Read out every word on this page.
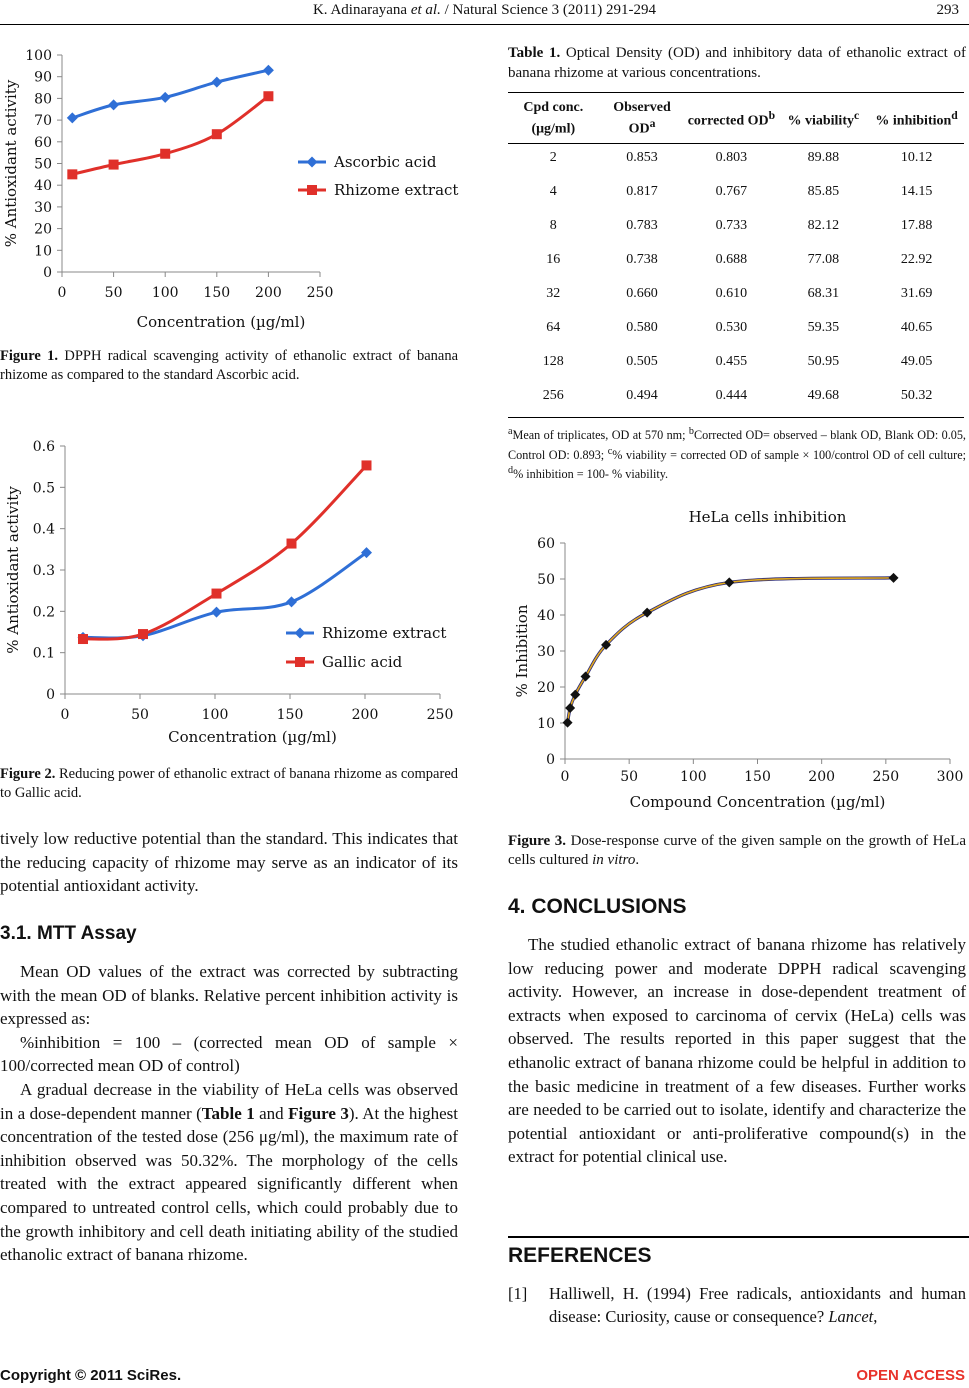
K. Adinarayana et al. / Natural Science 3 (2011) 291-294	293
0
10
20
30
40
50
60
70
80
90
100
0	50 100 150 200 250
Concentration (µg/ml)
% Antioxidant activity	Ascorbic acid
Rhizome extract
Figure 1. DPPH radical scavenging activity of ethanolic extract of banana rhizome as compared to the standard Ascorbic acid.
0
0.1
0.2
0.3
0.4
0.5
0.6
0	50	100	150	200	250
Concentration (µg/ml)
% Antioxidant activity	Rhizome extract
Gallic acid
Figure 2. Reducing power of ethanolic extract of banana rhizome as compared to Gallic acid.

tively low reductive potential than the standard. This indicates that the reducing capacity of rhizome may serve as an indicator of its potential antioxidant activity.

3.1. MTT Assay

Mean OD values of the extract was corrected by subtracting with the mean OD of blanks. Relative percent inhibition activity is expressed as:

%inhibition = 100 – (corrected mean OD of sample × 100/corrected mean OD of control)

A gradual decrease in the viability of HeLa cells was observed in a dose-dependent manner (Table 1 and Figure 3). At the highest concentration of the tested dose (256 μg/ml), the maximum rate of inhibition observed was 50.32%. The morphology of the cells treated with the extract appeared significantly different when compared to untreated control cells, which could probably due to the growth inhibitory and cell death initiating ability of the studied ethanolic extract of banana rhizome.

Table 1. Optical Density (OD) and inhibitory data of ethanolic extract of banana rhizome at various concentrations.
Cpd conc. (μg/ml)	Observed $OD^a$	corrected $OD^b$	% viability$^c$	% inhibition$^d$
2	0.853	0.803	89.88	10.12
4	0.817	0.767	85.85	14.15
8	0.783	0.733	82.12	17.88
16	0.738	0.688	77.08	22.92
32	0.660	0.610	68.31	31.69
64	0.580	0.530	59.35	40.65
128	0.505	0.455	50.95	49.05
256	0.494	0.444	49.68	50.32
$^a$Mean of triplicates, OD at 570 nm; $^b$Corrected OD= observed – blank OD, Blank OD: 0.05, Control OD: 0.893; $^c$% viability = corrected OD of sample × 100/control OD of cell culture; $^d$% inhibition = 100- % viability.
0
10
20
30
40
50
60
0	50	100	150	200	250	300
Compound Concentration (µg/ml)
% Inhibition
HeLa cells inhibition
Figure 3. Dose-response curve of the given sample on the growth of HeLa cells cultured in vitro.
4. CONCLUSIONS

The studied ethanolic extract of banana rhizome has relatively low reducing power and moderate DPPH radical scavenging activity. However, an increase in dose-dependent treatment of extracts when exposed to carcinoma of cervix (HeLa) cells was observed. The results reported in this paper suggest that the ethanolic extract of banana rhizome could be helpful in addition to the basic medicine in treatment of a few diseases. Further works are needed to be carried out to isolate, identify and characterize the potential antioxidant or anti-proliferative compound(s) in the extract for potential clinical use.

REFERENCES
[1] Halliwell, H. (1994) Free radicals, antioxidants and human disease: Curiosity, cause or consequence? Lancet,
Copyright © 2011 SciRes.	OPEN ACCESS
